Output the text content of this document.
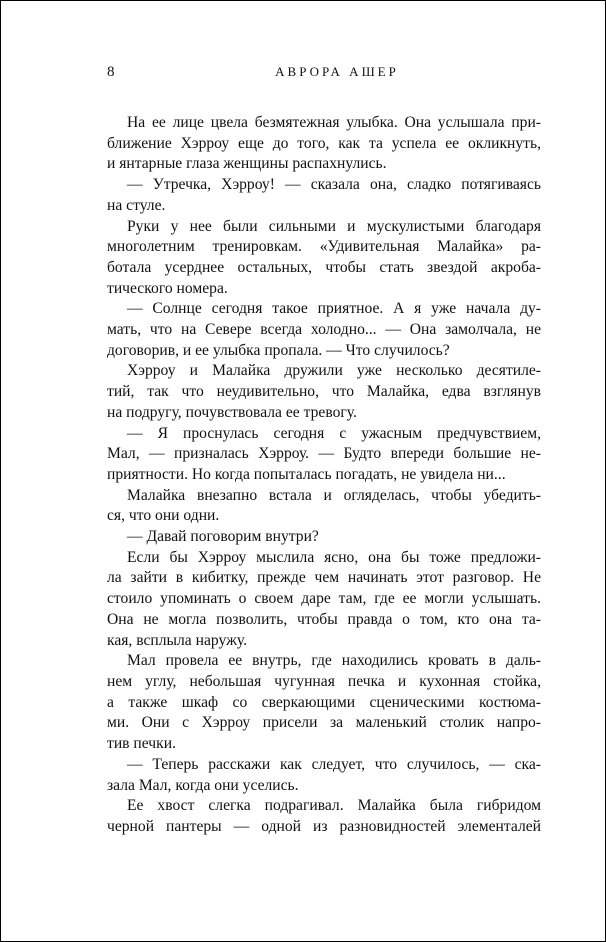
8	АВРОРА АШЕР
На ее лице цвела безмятежная улыбка. Она услышала при-
ближение Хэрроу еще до того, как та успела ее окликнуть,
и янтарные глаза женщины распахнулись.
— Утречка, Хэрроу! — сказала она, сладко потягиваясь
на стуле.
Руки у нее были сильными и мускулистыми благодаря
многолетним тренировкам. «Удивительная Малайка» ра-
ботала усерднее остальных, чтобы стать звездой акроба-
тического номера.
— Солнце сегодня такое приятное. А я уже начала ду-
мать, что на Севере всегда холодно... — Она замолчала, не
договорив, и ее улыбка пропала. — Что случилось?
Хэрроу и Малайка дружили уже несколько десятиле-
тий, так что неудивительно, что Малайка, едва взглянув
на подругу, почувствовала ее тревогу.
— Я проснулась сегодня с ужасным предчувствием,
Мал, — призналась Хэрроу. — Будто впереди большие не-
приятности. Но когда попыталась погадать, не увидела ни...
Малайка внезапно встала и огляделась, чтобы убедить-
ся, что они одни.
— Давай поговорим внутри?
Если бы Хэрроу мыслила ясно, она бы тоже предложи-
ла зайти в кибитку, прежде чем начинать этот разговор. Не
стоило упоминать о своем даре там, где ее могли услышать.
Она не могла позволить, чтобы правда о том, кто она та-
кая, всплыла наружу.
Мал провела ее внутрь, где находились кровать в даль-
нем углу, небольшая чугунная печка и кухонная стойка,
а также шкаф со сверкающими сценическими костюма-
ми. Они с Хэрроу присели за маленький столик напро-
тив печки.
— Теперь расскажи как следует, что случилось, — ска-
зала Мал, когда они уселись.
Ее хвост слегка подрагивал. Малайка была гибридом
черной пантеры — одной из разновидностей элементалей
